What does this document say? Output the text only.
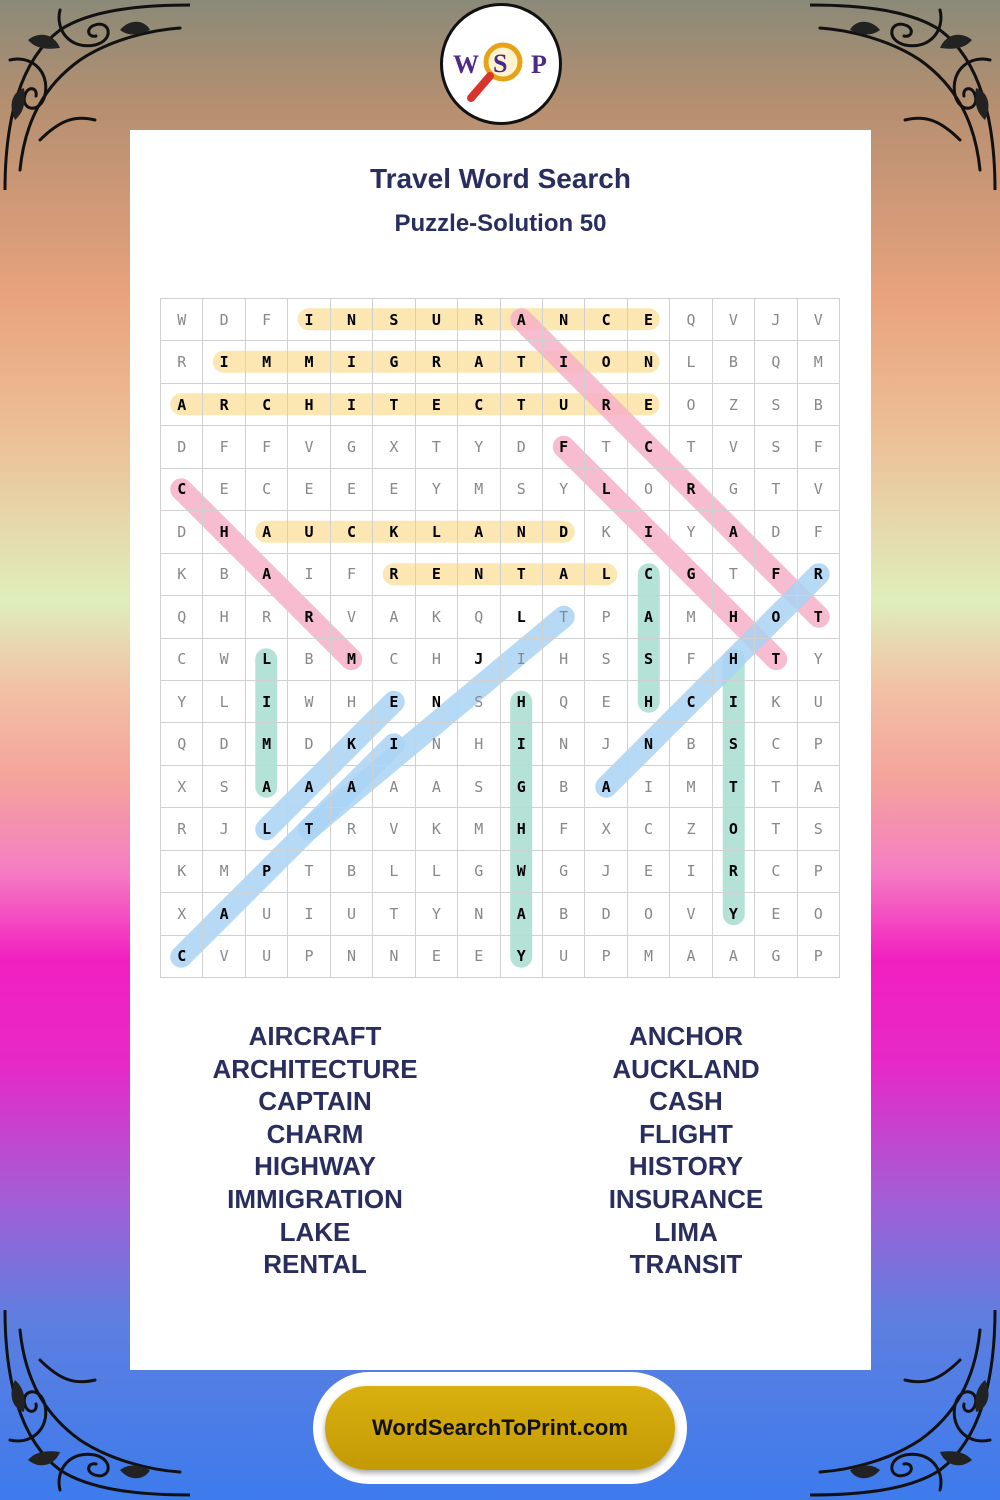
W S P
Travel Word Search
Puzzle-Solution 50
W	D	F	I	N	S	U	R	A	N	C	E	Q	V	J	V
R	I	M	M	I	G	R	A	T	I	O	N	L	B	Q	M
A	R	C	H	I	T	E	C	T	U	R	E	O	Z	S	B
D	F	F	V	G	X	T	Y	D	F	T	C	T	V	S	F
C	E	C	E	E	E	Y	M	S	Y	L	O	R	G	T	V
D	H	A	U	C	K	L	A	N	D	K	I	Y	A	D	F
K	B	A	I	F	R	E	N	T	A	L	C	G	T	F	R
Q	H	R	R	V	A	K	Q	L	T	P	A	M	H	O	T
C	W	L	B	M	C	H	J	I	H	S	S	F	H	T	Y
Y	L	I	W	H	E	N	S	H	Q	E	H	C	I	K	U
Q	D	M	D	K	I	N	H	I	N	J	N	B	S	C	P
X	S	A	A	A	A	A	S	G	B	A	I	M	T	T	A
R	J	L	T	R	V	K	M	H	F	X	C	Z	O	T	S
K	M	P	T	B	L	L	G	W	G	J	E	I	R	C	P
X	A	U	I	U	T	Y	N	A	B	D	O	V	Y	E	O
C	V	U	P	N	N	E	E	Y	U	P	M	A	A	G	P
AIRCRAFT
ARCHITECTURE
CAPTAIN
CHARM
HIGHWAY
IMMIGRATION
LAKE
RENTAL
ANCHOR
AUCKLAND
CASH
FLIGHT
HISTORY
INSURANCE
LIMA
TRANSIT
WordSearchToPrint.com
